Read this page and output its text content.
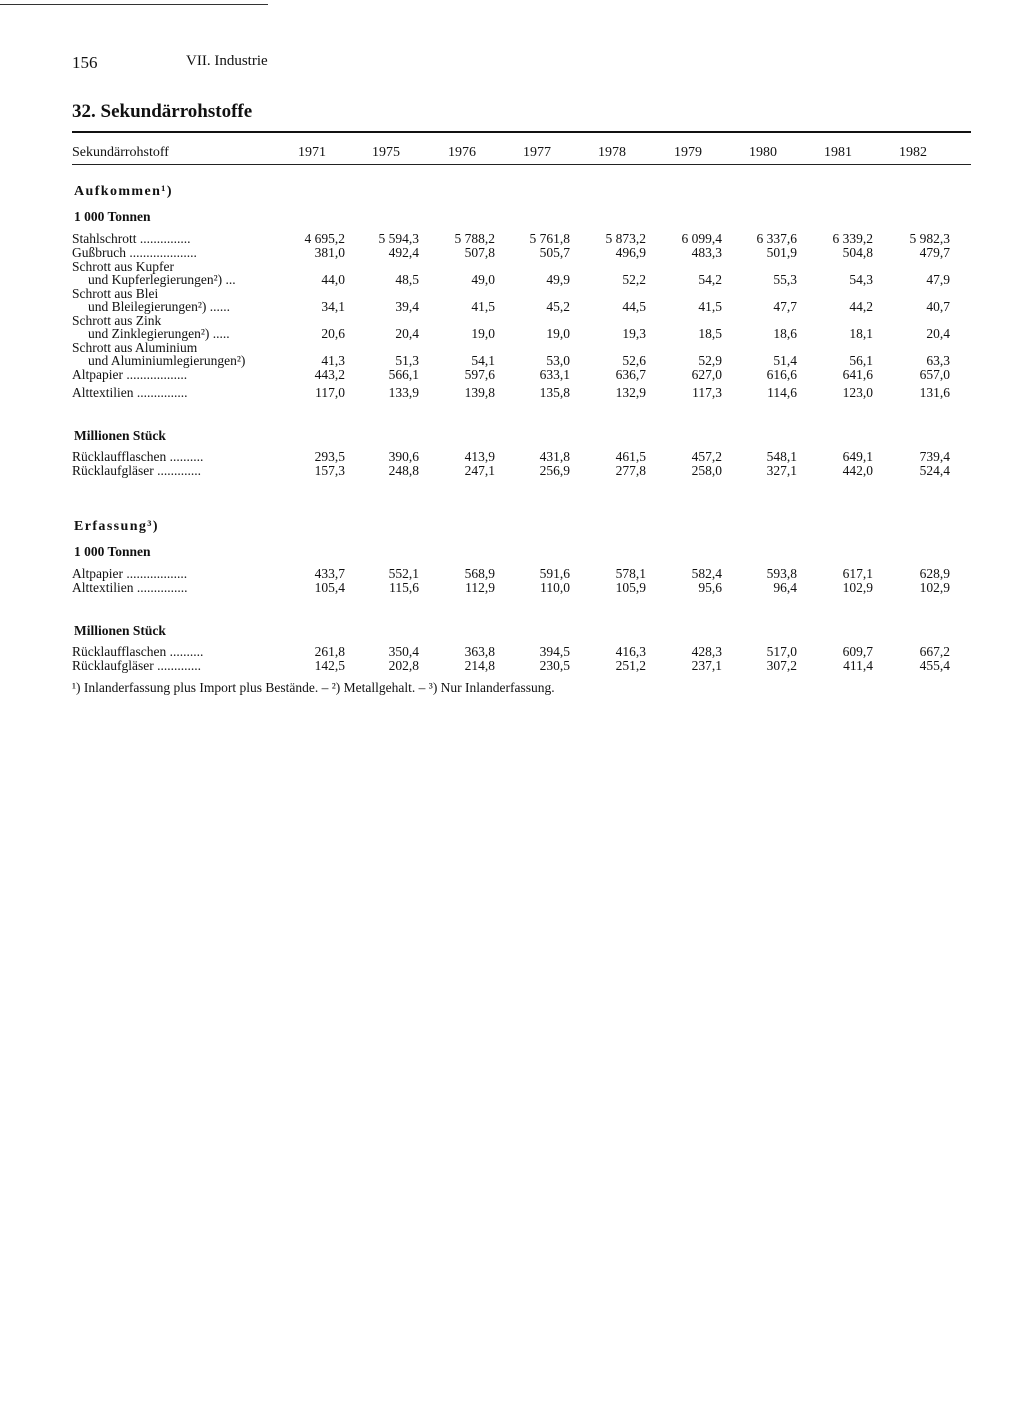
156	VII. Industrie
32. Sekundärrohstoffe
Sekundärrohstoff	1971	1975	1976	1977	1978	1979	1980	1981	1982
Aufkommen¹)
1 000 Tonnen
Stahlschrott ...............	4 695,2	5 594,3	5 788,2	5 761,8	5 873,2	6 099,4	6 337,6	6 339,2	5 982,3
Gußbruch ....................	381,0	492,4	507,8	505,7	496,9	483,3	501,9	504,8	479,7
Schrott aus Kupfer
und Kupferlegierungen²) ...	44,0	48,5	49,0	49,9	52,2	54,2	55,3	54,3	47,9
Schrott aus Blei
und Bleilegierungen²) ......	34,1	39,4	41,5	45,2	44,5	41,5	47,7	44,2	40,7
Schrott aus Zink
und Zinklegierungen²) .....	20,6	20,4	19,0	19,0	19,3	18,5	18,6	18,1	20,4
Schrott aus Aluminium
und Aluminiumlegierungen²)	41,3	51,3	54,1	53,0	52,6	52,9	51,4	56,1	63,3
Altpapier ..................	443,2	566,1	597,6	633,1	636,7	627,0	616,6	641,6	657,0
Alttextilien ...............	117,0	133,9	139,8	135,8	132,9	117,3	114,6	123,0	131,6
Millionen Stück
Rücklaufflaschen ..........	293,5	390,6	413,9	431,8	461,5	457,2	548,1	649,1	739,4
Rücklaufgläser .............	157,3	248,8	247,1	256,9	277,8	258,0	327,1	442,0	524,4
Erfassung³)
1 000 Tonnen
Altpapier ..................	433,7	552,1	568,9	591,6	578,1	582,4	593,8	617,1	628,9
Alttextilien ...............	105,4	115,6	112,9	110,0	105,9	95,6	96,4	102,9	102,9
Millionen Stück
Rücklaufflaschen ..........	261,8	350,4	363,8	394,5	416,3	428,3	517,0	609,7	667,2
Rücklaufgläser .............	142,5	202,8	214,8	230,5	251,2	237,1	307,2	411,4	455,4
¹) Inlanderfassung plus Import plus Bestände. – ²) Metallgehalt. – ³) Nur Inlanderfassung.
